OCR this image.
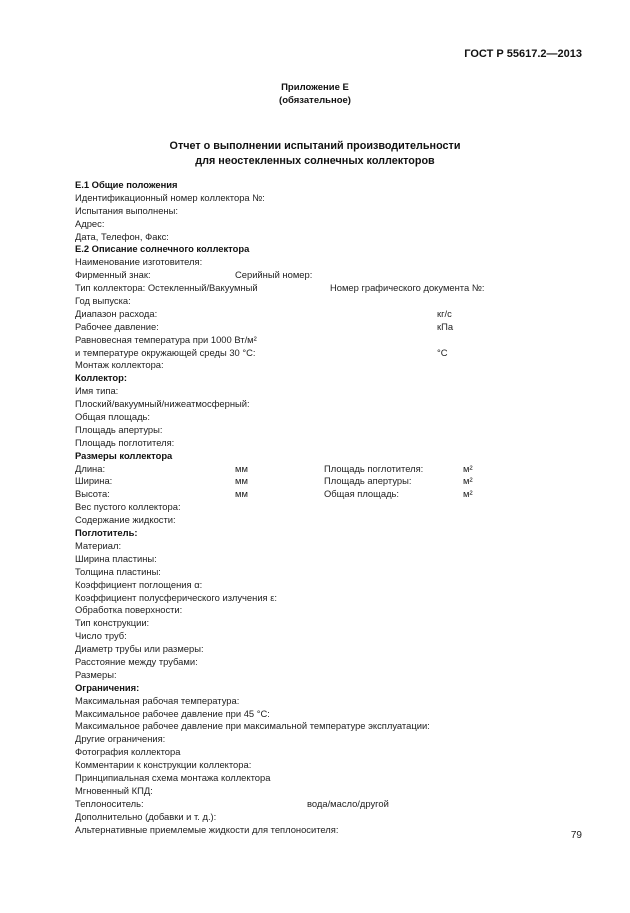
ГОСТ Р 55617.2—2013
Приложение Е
(обязательное)
Отчет о выполнении испытаний производительности
для неостекленных солнечных коллекторов
Е.1 Общие положения
Идентификационный номер коллектора №:
Испытания выполнены:
Адрес:
Дата, Телефон, Факс:
Е.2 Описание солнечного коллектора
Наименование изготовителя:
Фирменный знак:	Серийный номер:
Тип коллектора: Остекленный/Вакуумный	Номер графического документа №:
Год выпуска:
Диапазон расхода:	кг/с
Рабочее давление:	кПа
Равновесная температура при 1000 Вт/м²
и температуре окружающей среды 30 °С:	°С
Монтаж коллектора:
Коллектор:
Имя типа:
Плоский/вакуумный/нижеатмосферный:
Общая площадь:
Площадь апертуры:
Площадь поглотителя:
Размеры коллектора
Длина:	мм	Площадь поглотителя:	м²
Ширина:	мм	Площадь апертуры:	м²
Высота:	мм	Общая площадь:	м²
Вес пустого коллектора:
Содержание жидкости:
Поглотитель:
Материал:
Ширина пластины:
Толщина пластины:
Коэффициент поглощения α:
Коэффициент полусферического излучения ε:
Обработка поверхности:
Тип конструкции:
Число труб:
Диаметр трубы или размеры:
Расстояние между трубами:
Размеры:
Ограничения:
Максимальная рабочая температура:
Максимальное рабочее давление при 45 °С:
Максимальное рабочее давление при максимальной температуре эксплуатации:
Другие ограничения:
Фотография коллектора
Комментарии к конструкции коллектора:
Принципиальная схема монтажа коллектора
Мгновенный КПД:
Теплоноситель:	вода/масло/другой
Дополнительно (добавки и т. д.):
Альтернативные приемлемые жидкости для теплоносителя:
79
